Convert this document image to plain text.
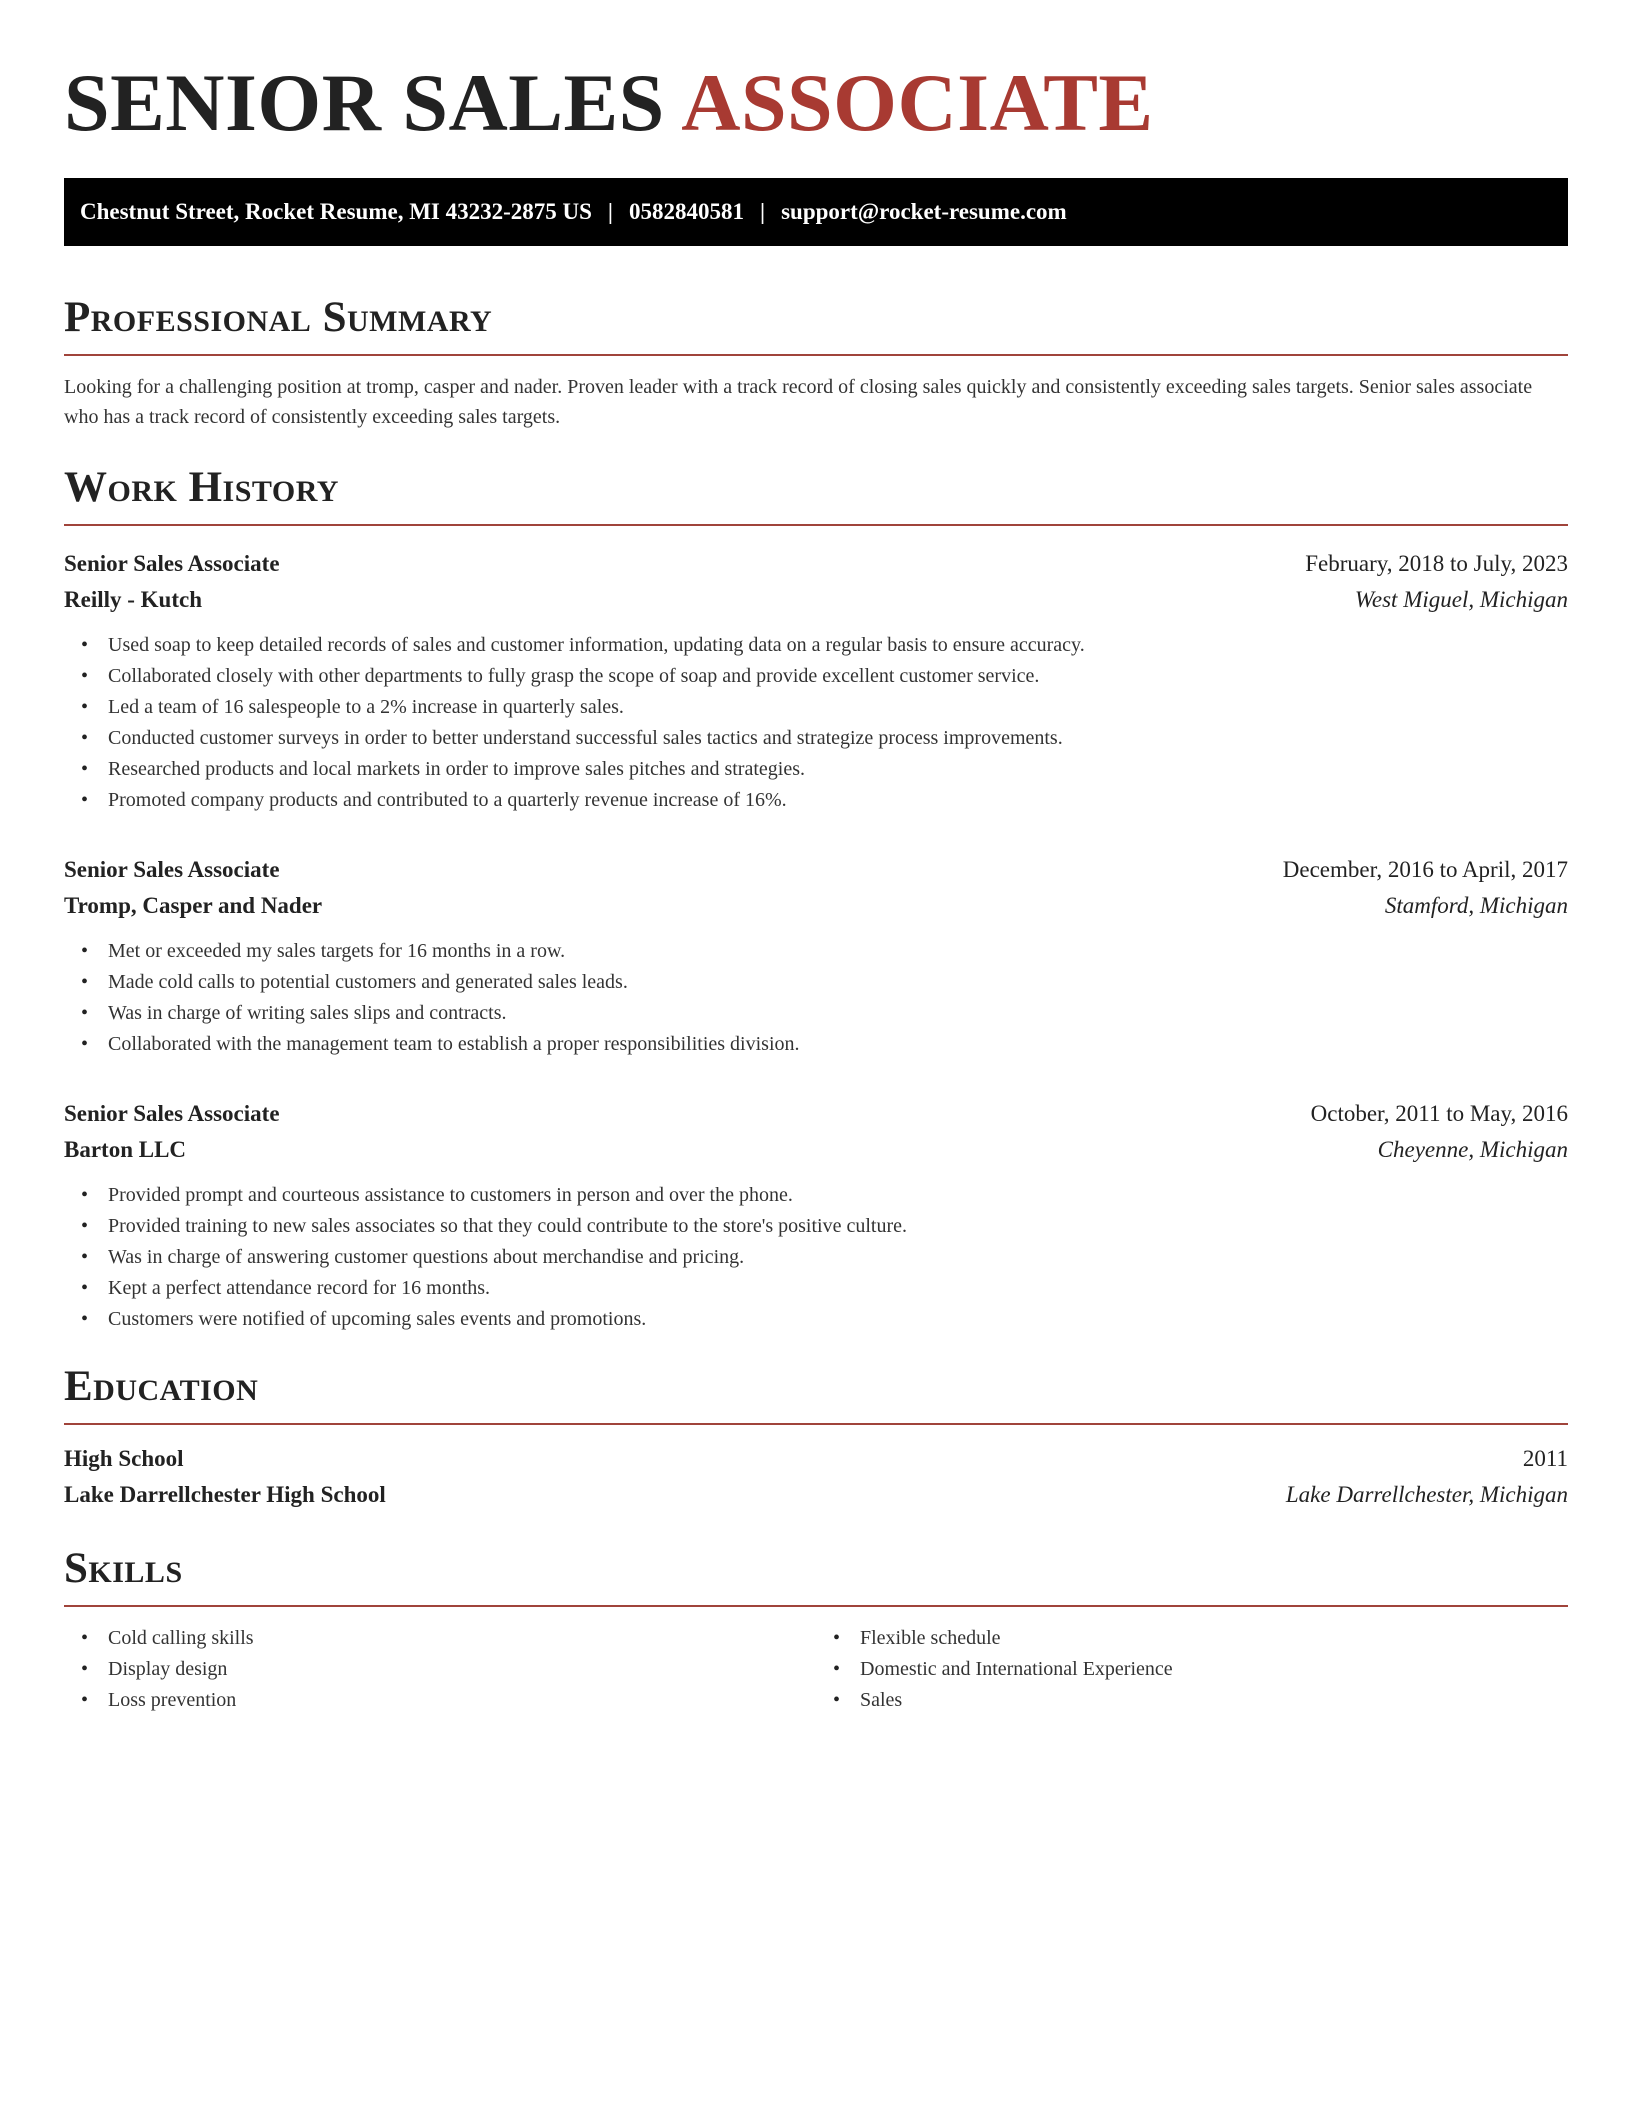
SENIOR SALES ASSOCIATE
Chestnut Street, Rocket Resume, MI 43232-2875 US | 0582840581 | support@rocket-resume.com
Professional Summary

Looking for a challenging position at tromp, casper and nader. Proven leader with a track record of closing sales quickly and consistently exceeding sales targets. Senior sales associate who has a track record of consistently exceeding sales targets.

Work History
Senior Sales Associate	February, 2018 to July, 2023
Reilly - Kutch	West Miguel, Michigan
• Used soap to keep detailed records of sales and customer information, updating data on a regular basis to ensure accuracy.
• Collaborated closely with other departments to fully grasp the scope of soap and provide excellent customer service.
• Led a team of 16 salespeople to a 2% increase in quarterly sales.
• Conducted customer surveys in order to better understand successful sales tactics and strategize process improvements.
• Researched products and local markets in order to improve sales pitches and strategies.
• Promoted company products and contributed to a quarterly revenue increase of 16%.
Senior Sales Associate	December, 2016 to April, 2017
Tromp, Casper and Nader	Stamford, Michigan
• Met or exceeded my sales targets for 16 months in a row.
• Made cold calls to potential customers and generated sales leads.
• Was in charge of writing sales slips and contracts.
• Collaborated with the management team to establish a proper responsibilities division.
Senior Sales Associate	October, 2011 to May, 2016
Barton LLC	Cheyenne, Michigan
• Provided prompt and courteous assistance to customers in person and over the phone.
• Provided training to new sales associates so that they could contribute to the store's positive culture.
• Was in charge of answering customer questions about merchandise and pricing.
• Kept a perfect attendance record for 16 months.
• Customers were notified of upcoming sales events and promotions.
Education
High School	2011
Lake Darrellchester High School	Lake Darrellchester, Michigan
Skills
• Cold calling skills
• Display design
• Loss prevention
• Flexible schedule
• Domestic and International Experience
• Sales
